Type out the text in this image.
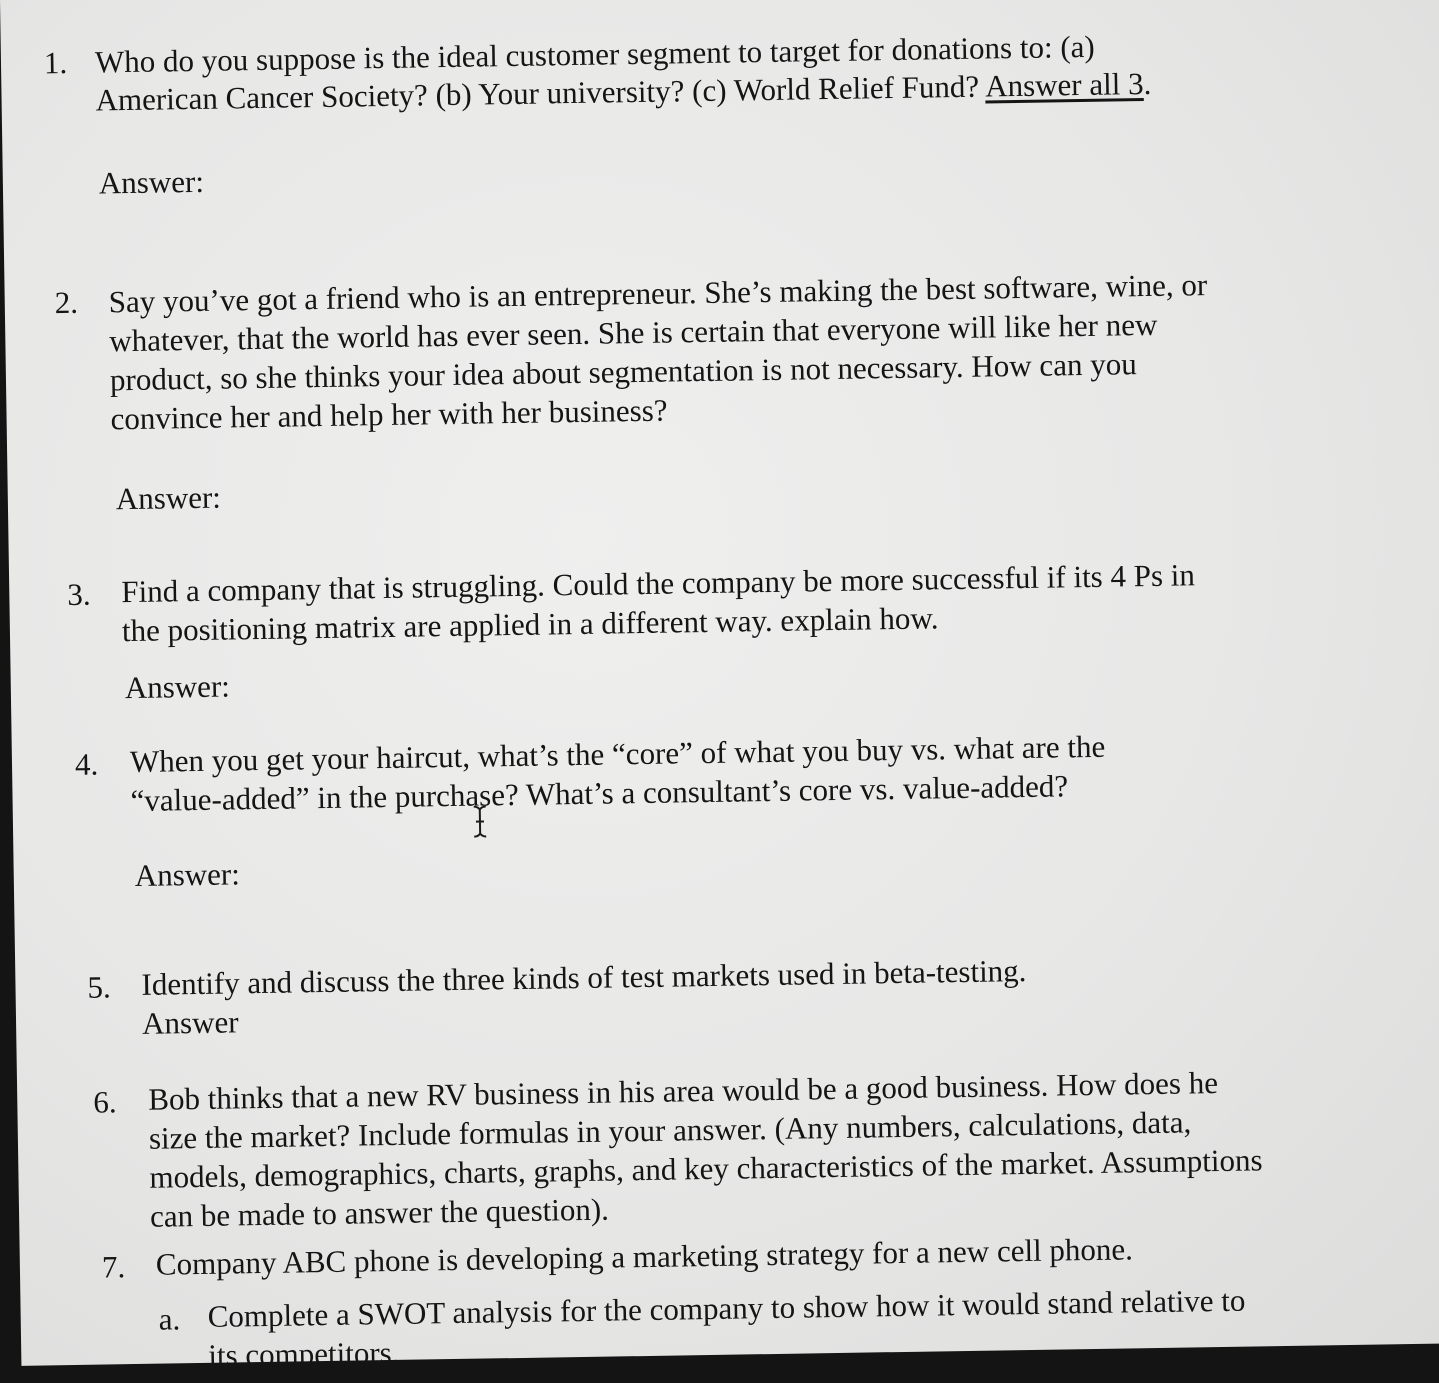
1. Who do you suppose is the ideal customer segment to target for donations to: (a)
American Cancer Society? (b) Your university? (c) World Relief Fund? Answer all 3.
Answer:
2. Say you’ve got a friend who is an entrepreneur. She’s making the best software, wine, or
whatever, that the world has ever seen. She is certain that everyone will like her new
product, so she thinks your idea about segmentation is not necessary. How can you
convince her and help her with her business?
Answer:
3. Find a company that is struggling. Could the company be more successful if its 4 Ps in
the positioning matrix are applied in a different way. explain how.
Answer:
4. When you get your haircut, what’s the “core” of what you buy vs. what are the
“value-added” in the purchase? What’s a consultant’s core vs. value-added?
Answer:
5. Identify and discuss the three kinds of test markets used in beta-testing.
Answer
6. Bob thinks that a new RV business in his area would be a good business. How does he
size the market? Include formulas in your answer. (Any numbers, calculations, data,
models, demographics, charts, graphs, and key characteristics of the market. Assumptions
can be made to answer the question).
7. Company ABC phone is developing a marketing strategy for a new cell phone.
a. Complete a SWOT analysis for the company to show how it would stand relative to
its competitors.
